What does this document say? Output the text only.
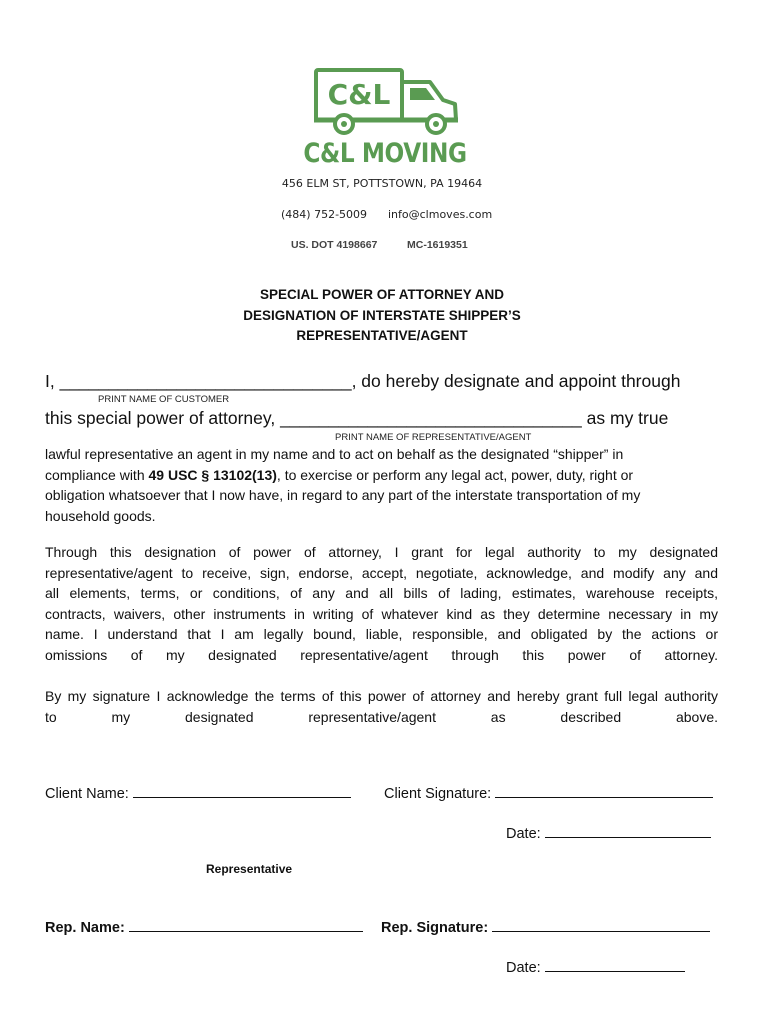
C&L
C&L MOVING
456 ELM ST, POTTSTOWN, PA 19464
(484) 752-5009 info@clmoves.com
US. DOT 4198667	MC-1619351
SPECIAL POWER OF ATTORNEY AND
DESIGNATION OF INTERSTATE SHIPPER’S
REPRESENTATIVE/AGENT
I, ______________________________, do hereby designate and appoint through
PRINT NAME OF CUSTOMER
this special power of attorney, _______________________________ as my true
PRINT NAME OF REPRESENTATIVE/AGENT

lawful representative an agent in my name and to act on behalf as the designated “shipper” in

compliance with 49 USC § 13102(13), to exercise or perform any legal act, power, duty, right or

obligation whatsoever that I now have, in regard to any part of the interstate transportation of my

household goods.

Through this designation of power of attorney, I grant for legal authority to my designated

representative/agent to receive, sign, endorse, accept, negotiate, acknowledge, and modify any and

all elements, terms, or conditions, of any and all bills of lading, estimates, warehouse receipts,

contracts, waivers, other instruments in writing of whatever kind as they determine necessary in my

name. I understand that I am legally bound, liable, responsible, and obligated by the actions or

omissions of my designated representative/agent through this power of attorney.

By my signature I acknowledge the terms of this power of attorney and hereby grant full legal authority

to my designated representative/agent as described above.

Client Name:	Client Signature:
Date:
Representative
Rep. Name:	Rep. Signature:
Date:
